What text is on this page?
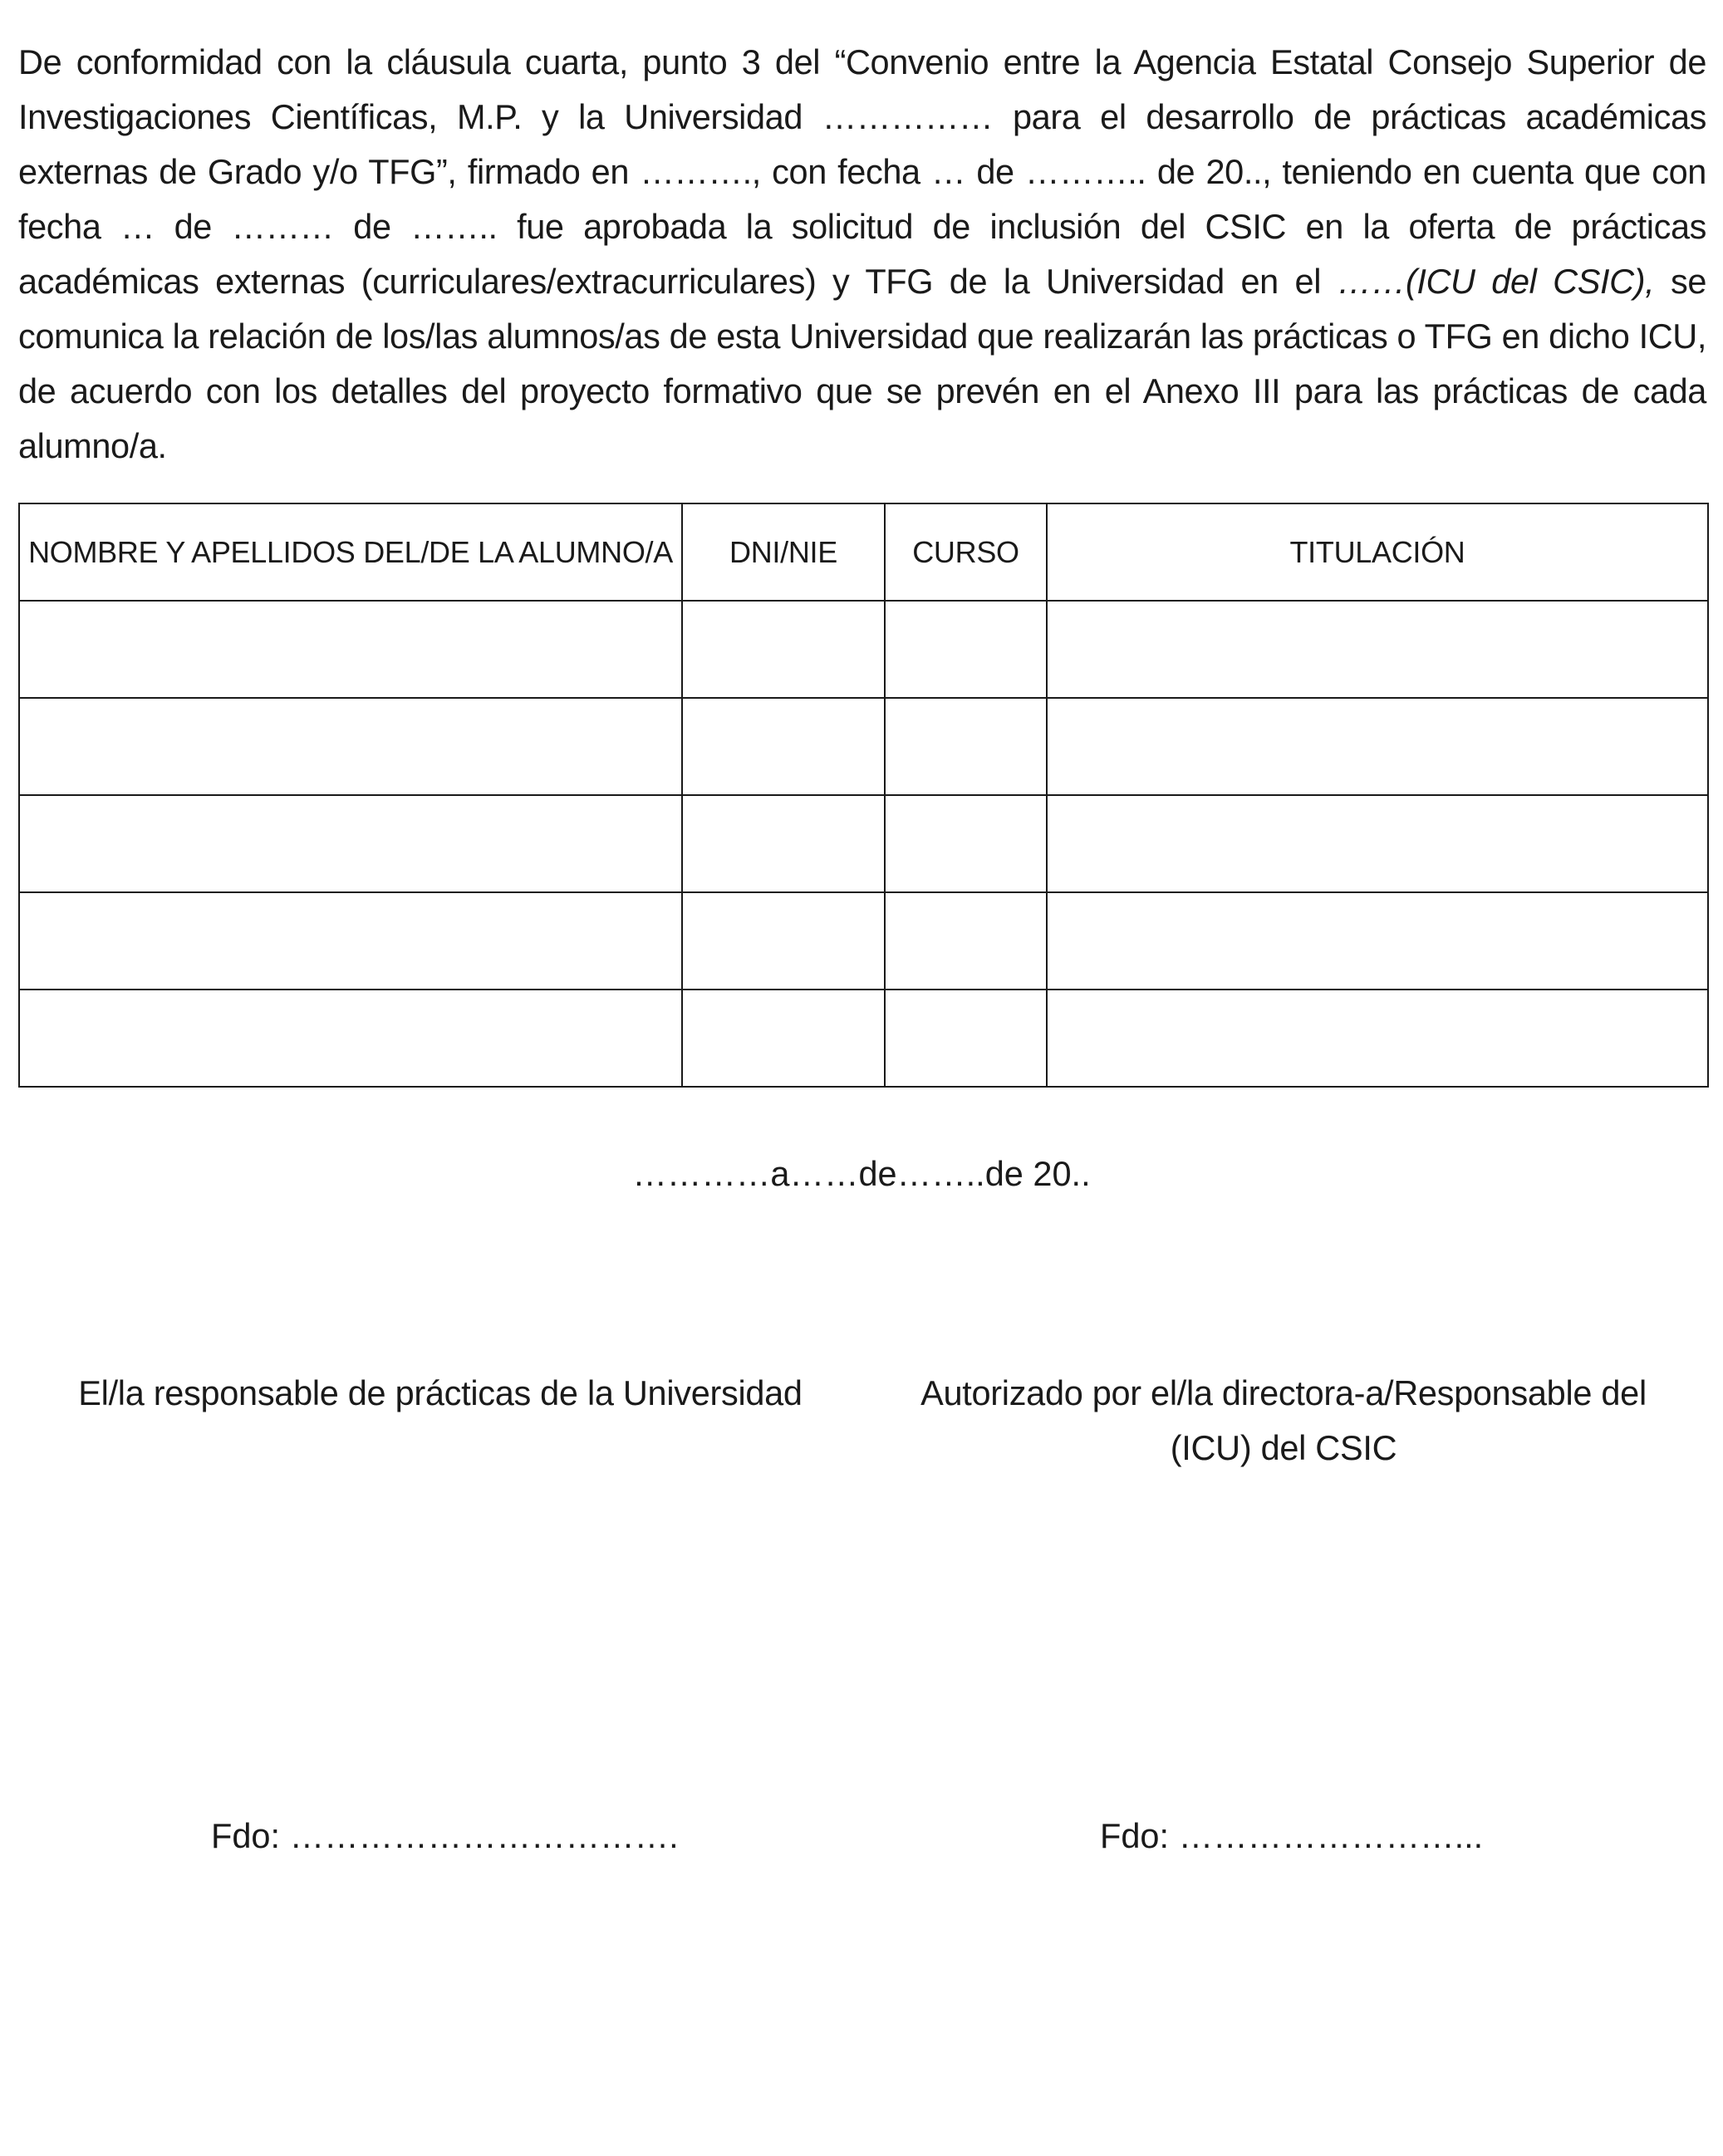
De conformidad con la cláusula cuarta, punto 3 del “Convenio entre la Agencia Estatal Consejo Superior de Investigaciones Científicas, M.P. y la Universidad …………… para el desarrollo de prácticas académicas externas de Grado y/o TFG”, firmado en ………., con fecha … de ……….. de 20.., teniendo en cuenta que con fecha … de ……… de …….. fue aprobada la solicitud de inclusión del CSIC en la oferta de prácticas académicas externas (curriculares/extracurriculares) y TFG de la Universidad en el ……(ICU del CSIC), se comunica la relación de los/las alumnos/as de esta Universidad que realizarán las prácticas o TFG en dicho ICU, de acuerdo con los detalles del proyecto formativo que se prevén en el Anexo III para las prácticas de cada alumno/a.

NOMBRE Y APELLIDOS DEL/DE LA ALUMNO/A	DNI/NIE	CURSO	TITULACIÓN

…………a……de……..de 20..
El/la responsable de prácticas de la Universidad	Autorizado por el/la directora-a/Responsable del (ICU) del CSIC
Fdo: …………………………….	Fdo: ……………………...
